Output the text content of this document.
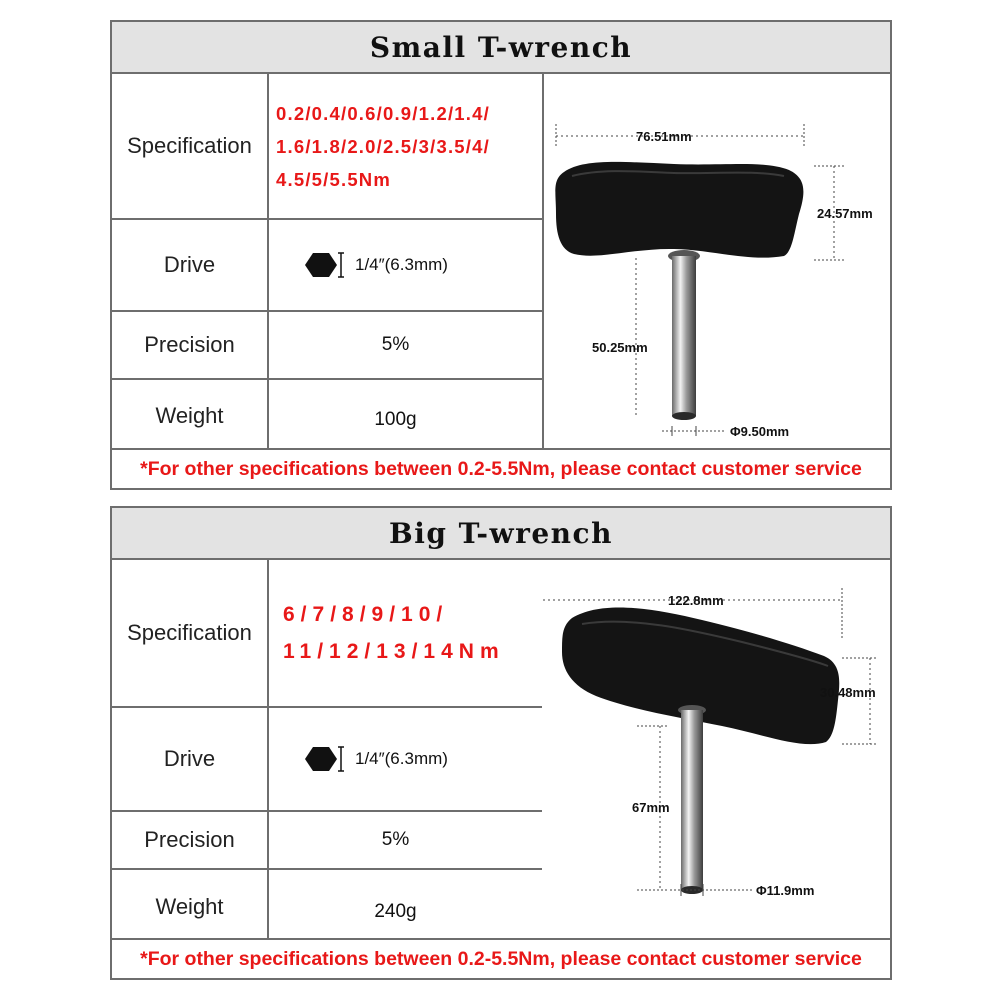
Small T-wrench
Specification
0.2/0.4/0.6/0.9/1.2/1.4/
1.6/1.8/2.0/2.5/3/3.5/4/
4.5/5/5.5Nm
Drive	1/4″(6.3mm)
Precision	5%
Weight	100g
76.51mm
24.57mm
50.25mm
Φ9.50mm
*For other specifications between 0.2-5.5Nm, please contact customer service
Big T-wrench
Specification
6/7/8/9/10/
11/12/13/14Nm
Drive	1/4″(6.3mm)
Precision	5%
Weight	240g
122.8mm
30.48mm
67mm
Φ11.9mm
*For other specifications between 0.2-5.5Nm, please contact customer service
